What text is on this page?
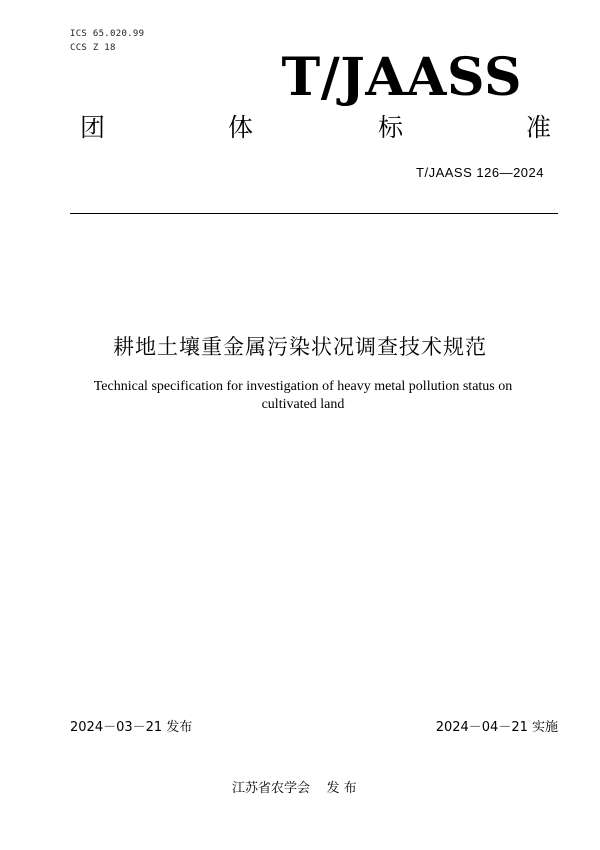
ICS 65.020.99
CCS Z 18	T/JAASS
团	体	标	准
T/JAASS 126—2024
耕地土壤重金属污染状况调查技术规范
Technical specification for investigation of heavy metal pollution status on cultivated land
2024－03－21 发布	2024－04－21 实施
江苏省农学会 发 布
